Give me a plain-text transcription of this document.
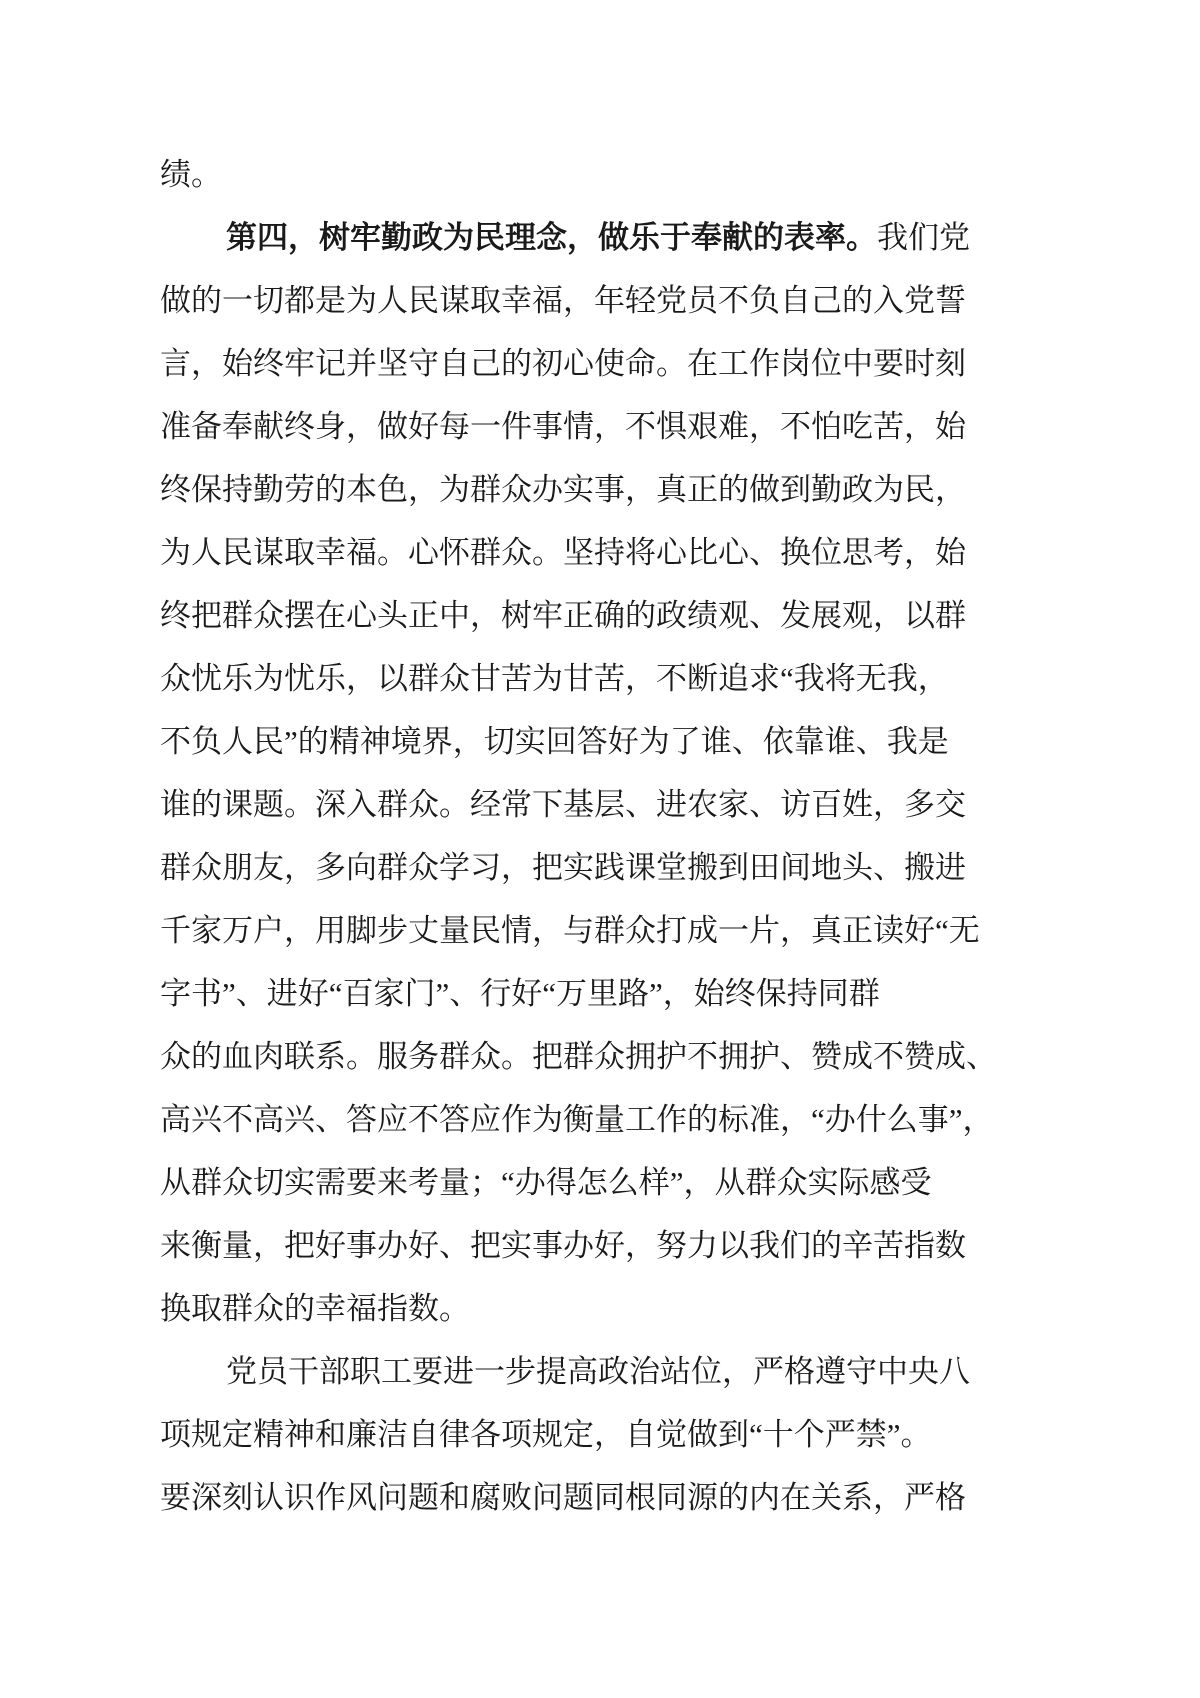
绩。
第四，树牢勤政为民理念，做乐于奉献的表率。我们党
做的一切都是为人民谋取幸福，年轻党员不负自己的入党誓
言，始终牢记并坚守自己的初心使命。在工作岗位中要时刻
准备奉献终身，做好每一件事情，不惧艰难，不怕吃苦，始
终保持勤劳的本色，为群众办实事，真正的做到勤政为民，
为人民谋取幸福。心怀群众。坚持将心比心、换位思考，始
终把群众摆在心头正中，树牢正确的政绩观、发展观，以群
众忧乐为忧乐，以群众甘苦为甘苦，不断追求“我将无我，
不负人民”的精神境界，切实回答好为了谁、依靠谁、我是
谁的课题。深入群众。经常下基层、进农家、访百姓，多交
群众朋友，多向群众学习，把实践课堂搬到田间地头、搬进
千家万户，用脚步丈量民情，与群众打成一片，真正读好“无
字书”、进好“百家门”、行好“万里路”，始终保持同群
众的血肉联系。服务群众。把群众拥护不拥护、赞成不赞成、
高兴不高兴、答应不答应作为衡量工作的标准，“办什么事”，
从群众切实需要来考量；“办得怎么样”，从群众实际感受
来衡量，把好事办好、把实事办好，努力以我们的辛苦指数
换取群众的幸福指数。
党员干部职工要进一步提高政治站位，严格遵守中央八
项规定精神和廉洁自律各项规定，自觉做到“十个严禁”。
要深刻认识作风问题和腐败问题同根同源的内在关系，严格
